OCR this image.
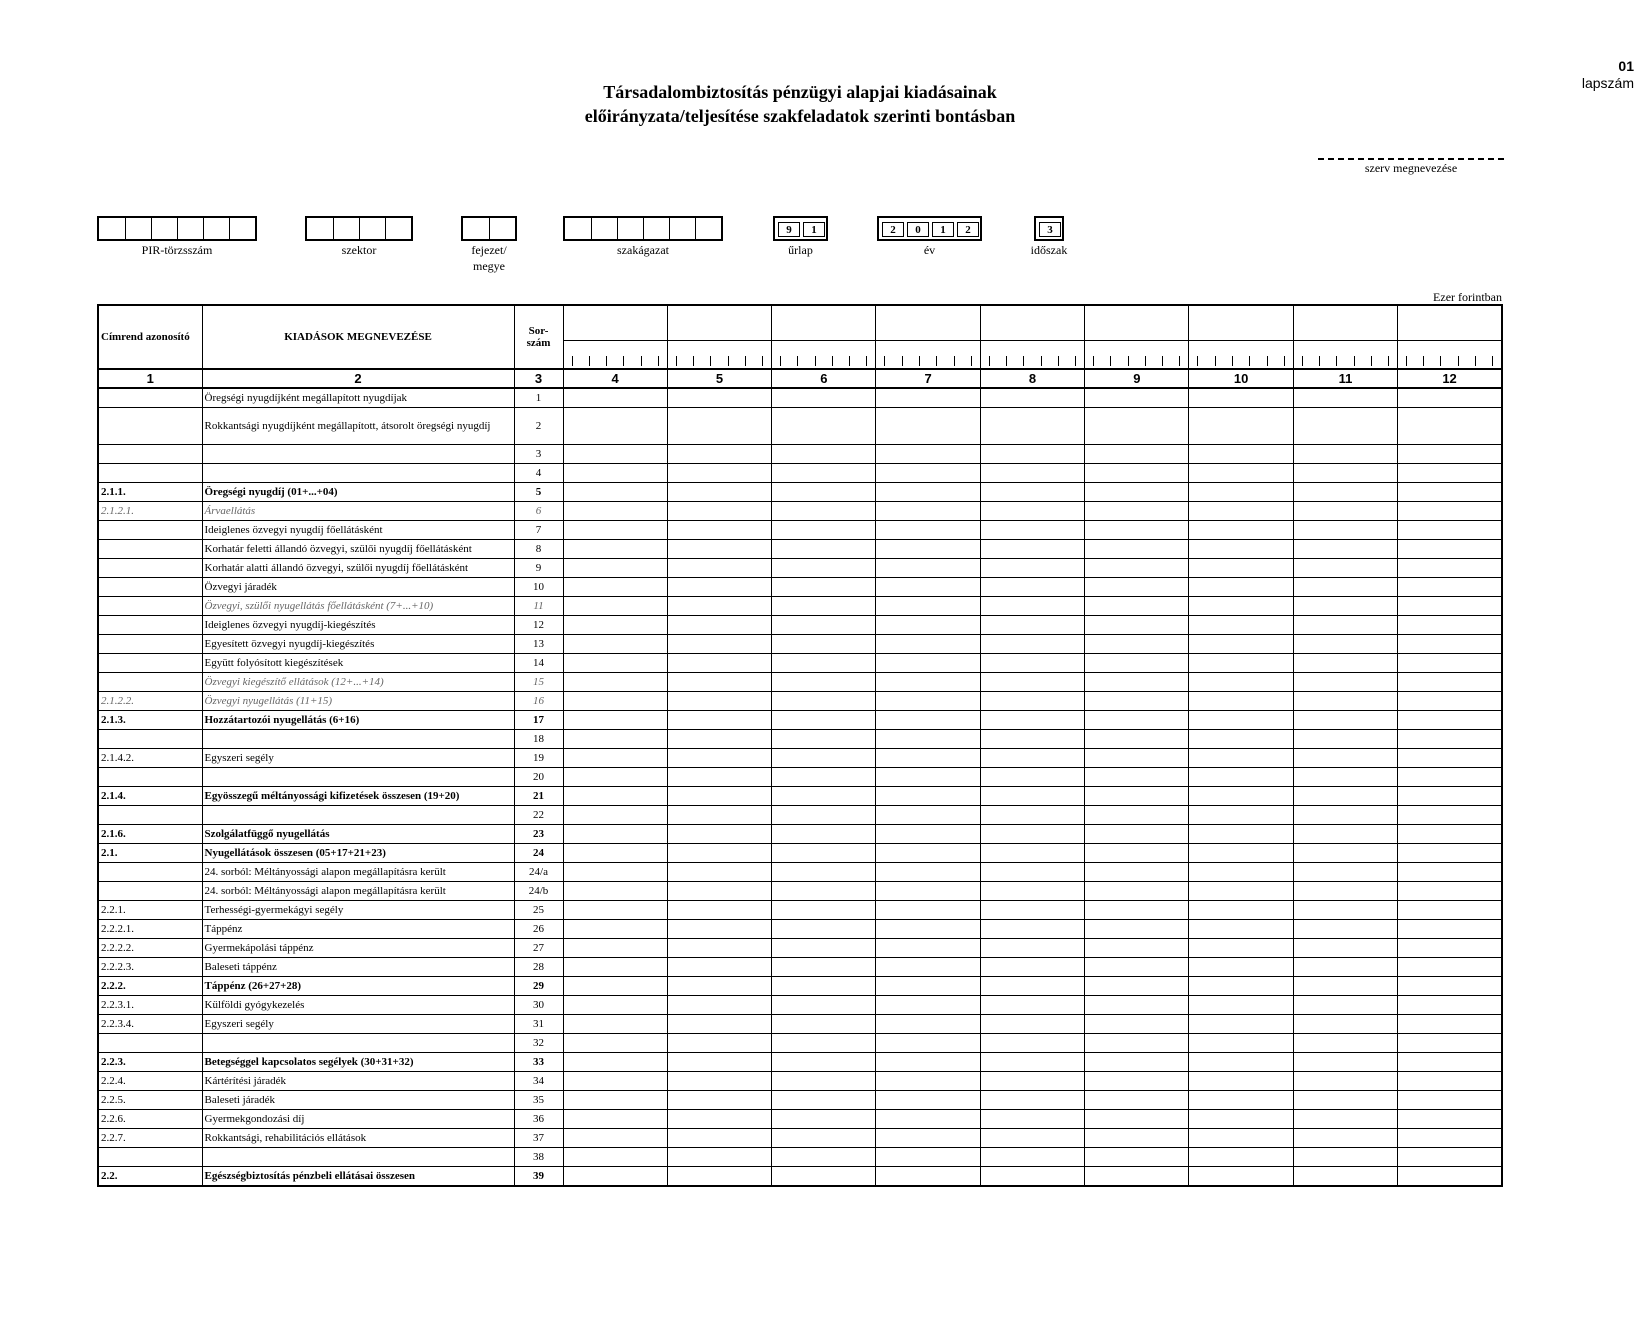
Társadalombiztosítás pénzügyi alapjai kiadásainak
előirányzata/teljesítése szakfeladatok szerinti bontásban
01
lapszám
szerv megnevezése
PIR-törzsszám	szektor	fejezet/
megye
szakágazat
9	1
űrlap
2	0	1	2
év
3
időszak
Ezer forintban
Címrend azonosító	KIADÁSOK MEGNEVEZÉSE	Sor-
szám									

1	2	3	4	5	6	7	8	9	10	11	12
	Öregségi nyugdíjként megállapított nyugdíjak	1									
	Rokkantsági nyugdíjként megállapított, átsorolt öregségi nyugdíj	2									
		3									
		4									
2.1.1.	Öregségi nyugdíj (01+...+04)	5									
2.1.2.1.	Árvaellátás	6									
	Ideiglenes özvegyi nyugdíj főellátásként	7									
	Korhatár feletti állandó özvegyi, szülői nyugdíj főellátásként	8									
	Korhatár alatti állandó özvegyi, szülői nyugdíj főellátásként	9									
	Özvegyi járadék	10									
	Özvegyi, szülői nyugellátás főellátásként (7+...+10)	11									
	Ideiglenes özvegyi nyugdíj-kiegészítés	12									
	Egyesített özvegyi nyugdíj-kiegészítés	13									
	Együtt folyósított kiegészítések	14									
	Özvegyi kiegészítő ellátások (12+...+14)	15									
2.1.2.2.	Özvegyi nyugellátás (11+15)	16									
2.1.3.	Hozzátartozói nyugellátás (6+16)	17									
		18									
2.1.4.2.	Egyszeri segély	19									
		20									
2.1.4.	Egyösszegű méltányossági kifizetések összesen (19+20)	21									
		22									
2.1.6.	Szolgálatfüggő nyugellátás	23									
2.1.	Nyugellátások összesen (05+17+21+23)	24									
	24. sorból: Méltányossági alapon megállapításra került	24/a									
	24. sorból: Méltányossági alapon megállapításra került	24/b									
2.2.1.	Terhességi-gyermekágyi segély	25									
2.2.2.1.	Táppénz	26									
2.2.2.2.	Gyermekápolási táppénz	27									
2.2.2.3.	Baleseti táppénz	28									
2.2.2.	Táppénz (26+27+28)	29									
2.2.3.1.	Külföldi gyógykezelés	30									
2.2.3.4.	Egyszeri segély	31									
		32									
2.2.3.	Betegséggel kapcsolatos segélyek (30+31+32)	33									
2.2.4.	Kártérítési járadék	34									
2.2.5.	Baleseti járadék	35									
2.2.6.	Gyermekgondozási díj	36									
2.2.7.	Rokkantsági, rehabilitációs ellátások	37									
		38									
2.2.	Egészségbiztosítás pénzbeli ellátásai összesen	39									
